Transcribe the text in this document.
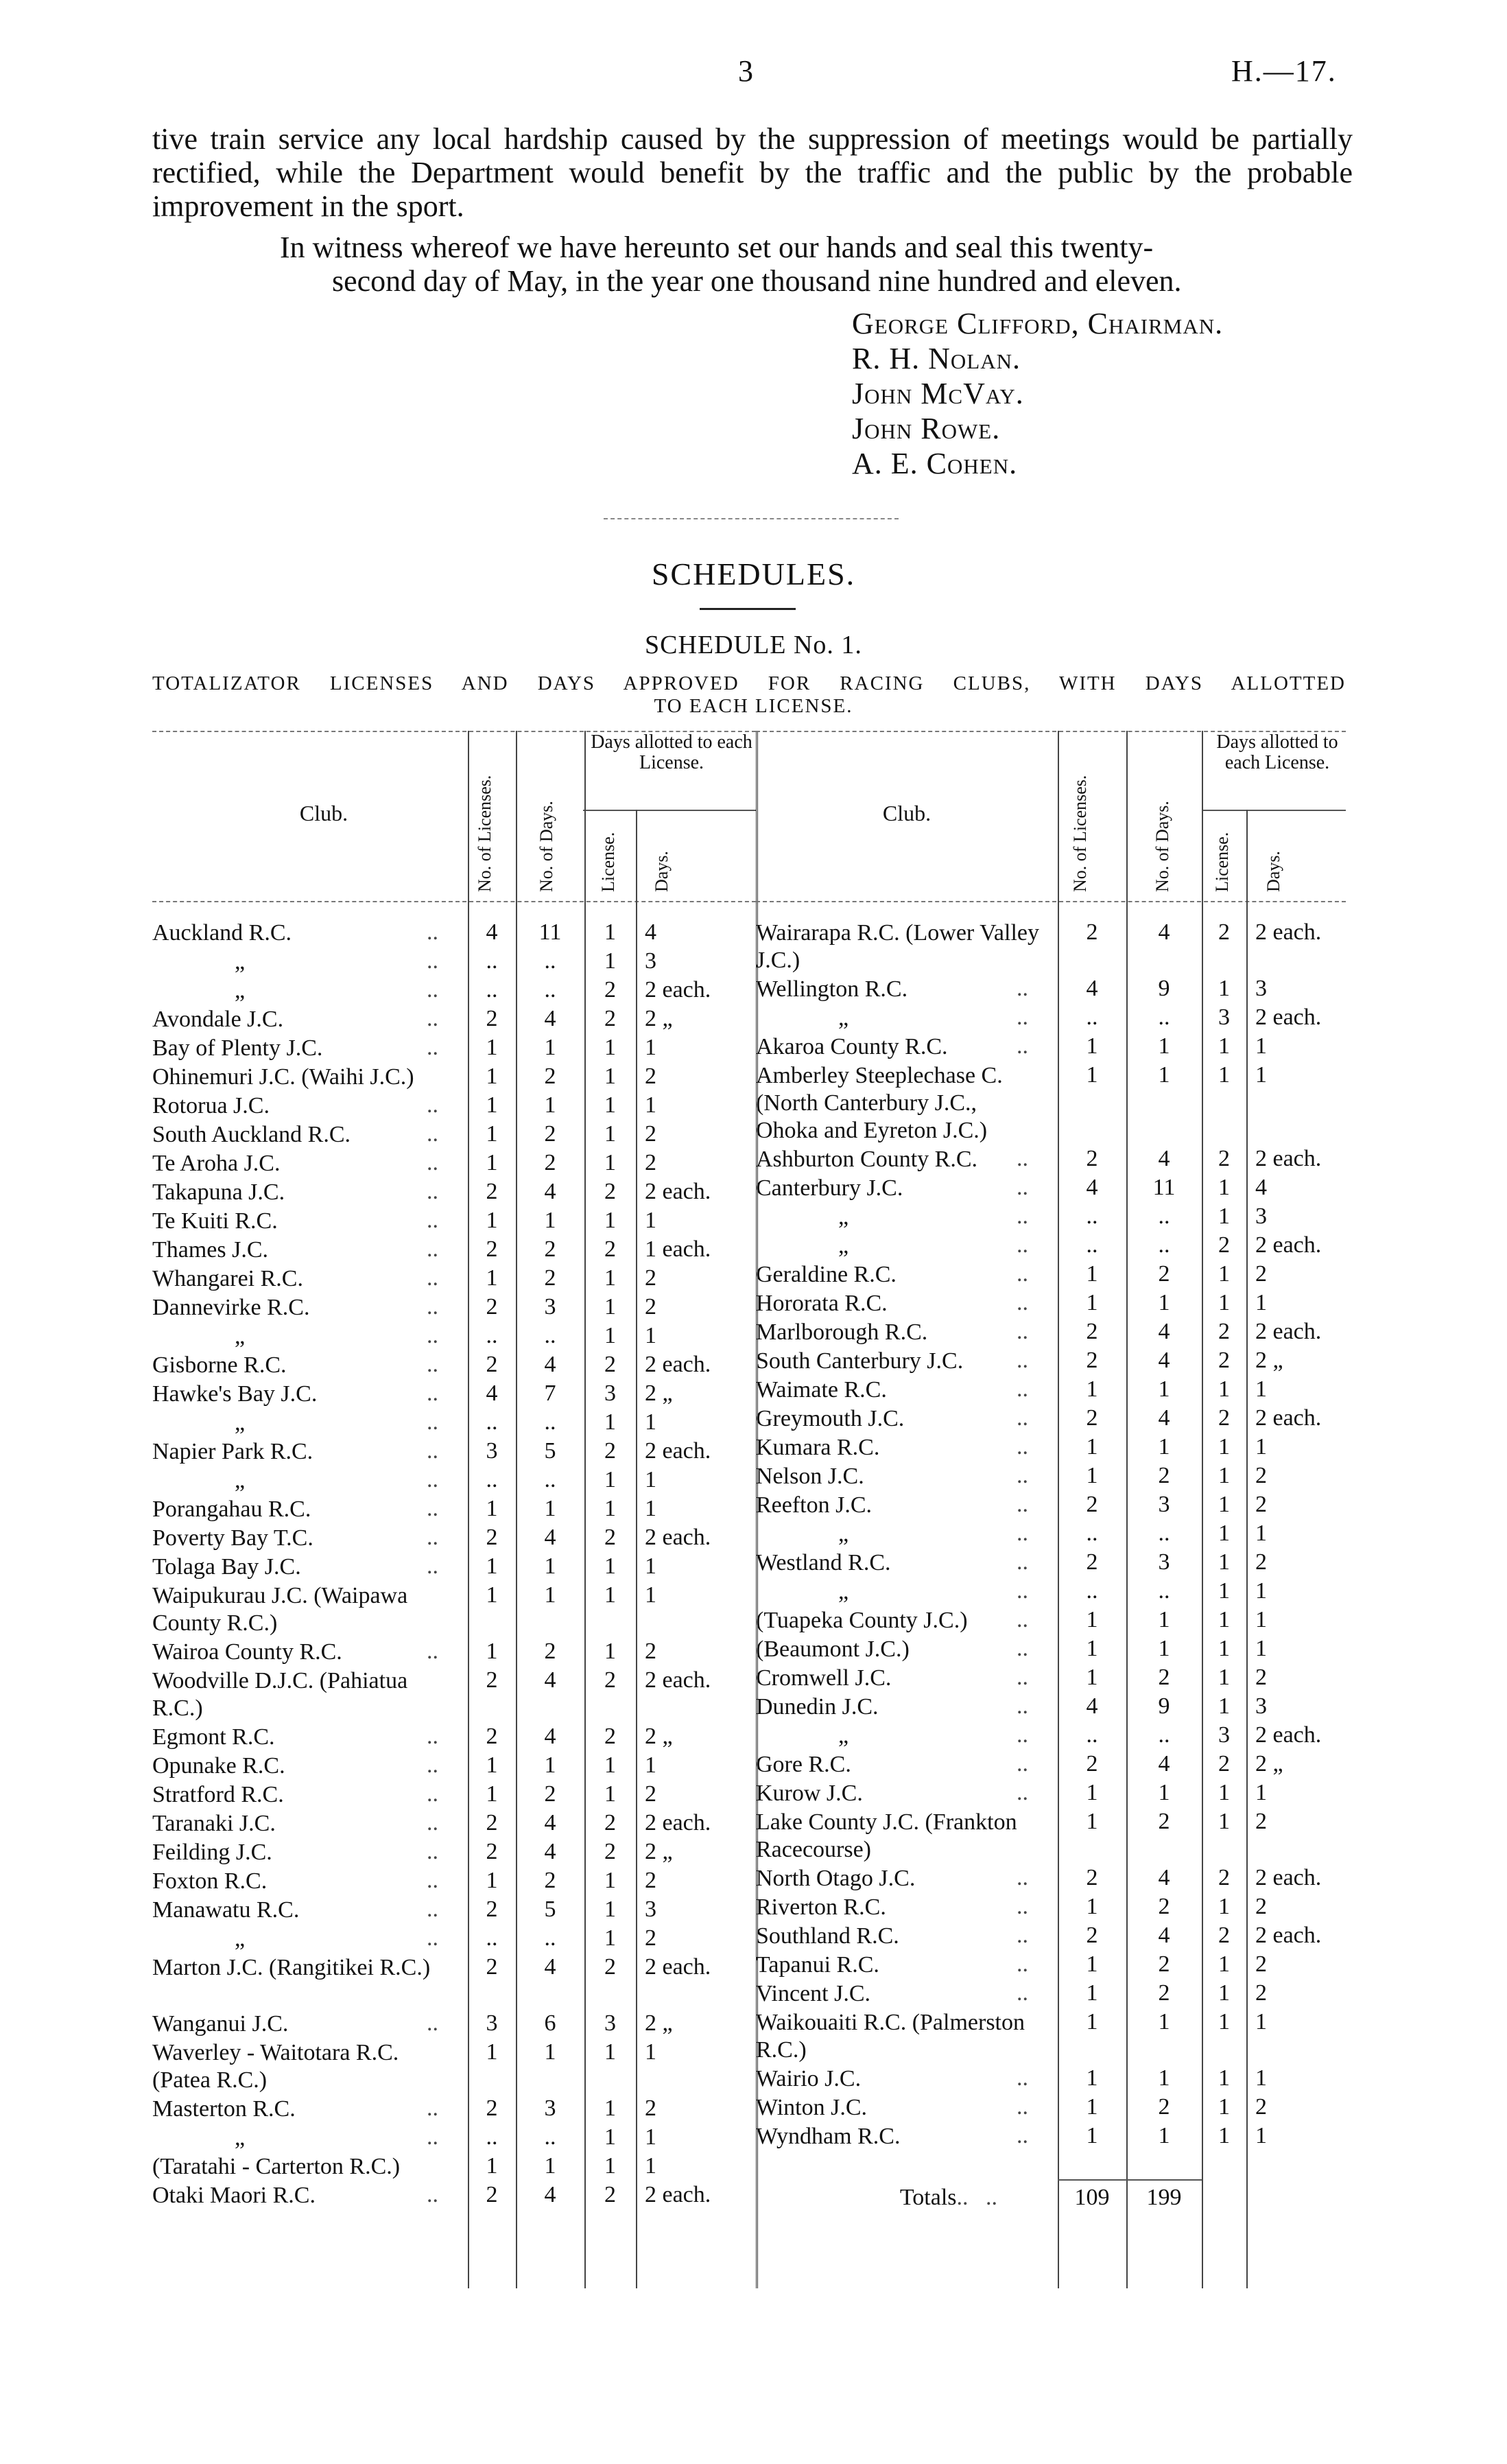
3	H.—17.

tive train service any local hardship caused by the suppression of meetings would be partially rectified, while the Department would benefit by the traffic and the public by the probable improvement in the sport.

In witness whereof we have hereunto set our hands and seal this twenty-
second day of May, in the year one thousand nine hundred and eleven.
George Clifford, Chairman.
R. H. Nolan.
John McVay.
John Rowe.
A. E. Cohen.
SCHEDULES.
SCHEDULE No. 1.
TOTALIZATOR LICENSES AND DAYS APPROVED FOR RACING CLUBS, WITH DAYS ALLOTTED
TO EACH LICENSE.
Club.	No. of Licenses. No. of Days.
Days allotted to each License.
License. Days.
Auckland R.C.	..	4	11	1	4
„	..	..	..	1	3
„	..	..	..	2	2 each.
Avondale J.C.	..	2	4	2	2 „
Bay of Plenty J.C.	..	1	1	1	1
Ohinemuri J.C. (Waihi J.C.)	1	2	1	2
Rotorua J.C.	..	1	1	1	1
South Auckland R.C.	..	1	2	1	2
Te Aroha J.C.	..	1	2	1	2
Takapuna J.C.	..	2	4	2	2 each.
Te Kuiti R.C.	..	1	1	1	1
Thames J.C.	..	2	2	2	1 each.
Whangarei R.C.	..	1	2	1	2
Dannevirke R.C.	..	2	3	1	2
„	..	..	..	1	1
Gisborne R.C.	..	2	4	2	2 each.
Hawke's Bay J.C.	..	4	7	3	2 „
„	..	..	..	1	1
Napier Park R.C.	..	3	5	2	2 each.
„	..	..	..	1	1
Porangahau R.C.	..	1	1	1	1
Poverty Bay T.C.	..	2	4	2	2 each.
Tolaga Bay J.C.	..	1	1	1	1
Waipukurau J.C. (Waipawa County R.C.)
1	1	1	1
Wairoa County R.C.	..	1	2	1	2
Woodville D.J.C. (Pahiatua R.C.)
2	4	2	2 each.
Egmont R.C.	..	2	4	2	2 „
Opunake R.C.	..	1	1	1	1
Stratford R.C.	..	1	2	1	2
Taranaki J.C.	..	2	4	2	2 each.
Feilding J.C.	..	2	4	2	2 „
Foxton R.C.	..	1	2	1	2
Manawatu R.C.	..	2	5	1	3
„	..	..	..	1	2
Marton J.C. (Rangitikei R.C.)	2	4	2	2 each.
Wanganui J.C.	..	3	6	3	2 „
Waverley - Waitotara R.C. (Patea R.C.)
1	1	1	1
Masterton R.C.	..	2	3	1	2
„	..	..	..	1	1
(Taratahi - Carterton R.C.)	1	1	1	1
Otaki Maori R.C.	..	2	4	2	2 each.
Club.	No. of Licenses.	No. of Days.
Days allotted to each License.
License. Days.
Wairarapa R.C. (Lower Valley J.C.)
2	4	2	2 each.
Wellington R.C.	..	4	9	1	3
„	..	..	..	3	2 each.
Akaroa County R.C.	..	1	1	1	1
Amberley Steeplechase C. (North Canterbury J.C., Ohoka and Eyreton J.C.)
1	1	1	1
Ashburton County R.C.	..	2	4	2	2 each.
Canterbury J.C.	..	4	11	1	4
„	..	..	..	1	3
„	..	..	..	2	2 each.
Geraldine R.C.	..	1	2	1	2
Hororata R.C.	..	1	1	1	1
Marlborough R.C.	..	2	4	2	2 each.
South Canterbury J.C.	..	2	4	2	2 „
Waimate R.C.	..	1	1	1	1
Greymouth J.C.	..	2	4	2	2 each.
Kumara R.C.	..	1	1	1	1
Nelson J.C.	..	1	2	1	2
Reefton J.C.	..	2	3	1	2
„	..	..	..	1	1
Westland R.C.	..	2	3	1	2
„	..	..	..	1	1
(Tuapeka County J.C.)	..	1	1	1	1
(Beaumont J.C.)	..	1	1	1	1
Cromwell J.C.	..	1	2	1	2
Dunedin J.C.	..	4	9	1	3
„	..	..	..	3	2 each.
Gore R.C.	..	2	4	2	2 „
Kurow J.C.	..	1	1	1	1
Lake County J.C. (Frankton Racecourse)
1	2	1	2
North Otago J.C.	..	2	4	2	2 each.
Riverton R.C.	..	1	2	1	2
Southland R.C.	..	2	4	2	2 each.
Tapanui R.C.	..	1	2	1	2
Vincent J.C.	..	1	2	1	2
Waikouaiti R.C. (Palmerston R.C.)
1	1	1	1
Wairio J.C.	..	1	1	1	1
Winton J.C.	..	1	2	1	2
Wyndham R.C.	..	1	1	1	1
Totals..   ..	109	199
